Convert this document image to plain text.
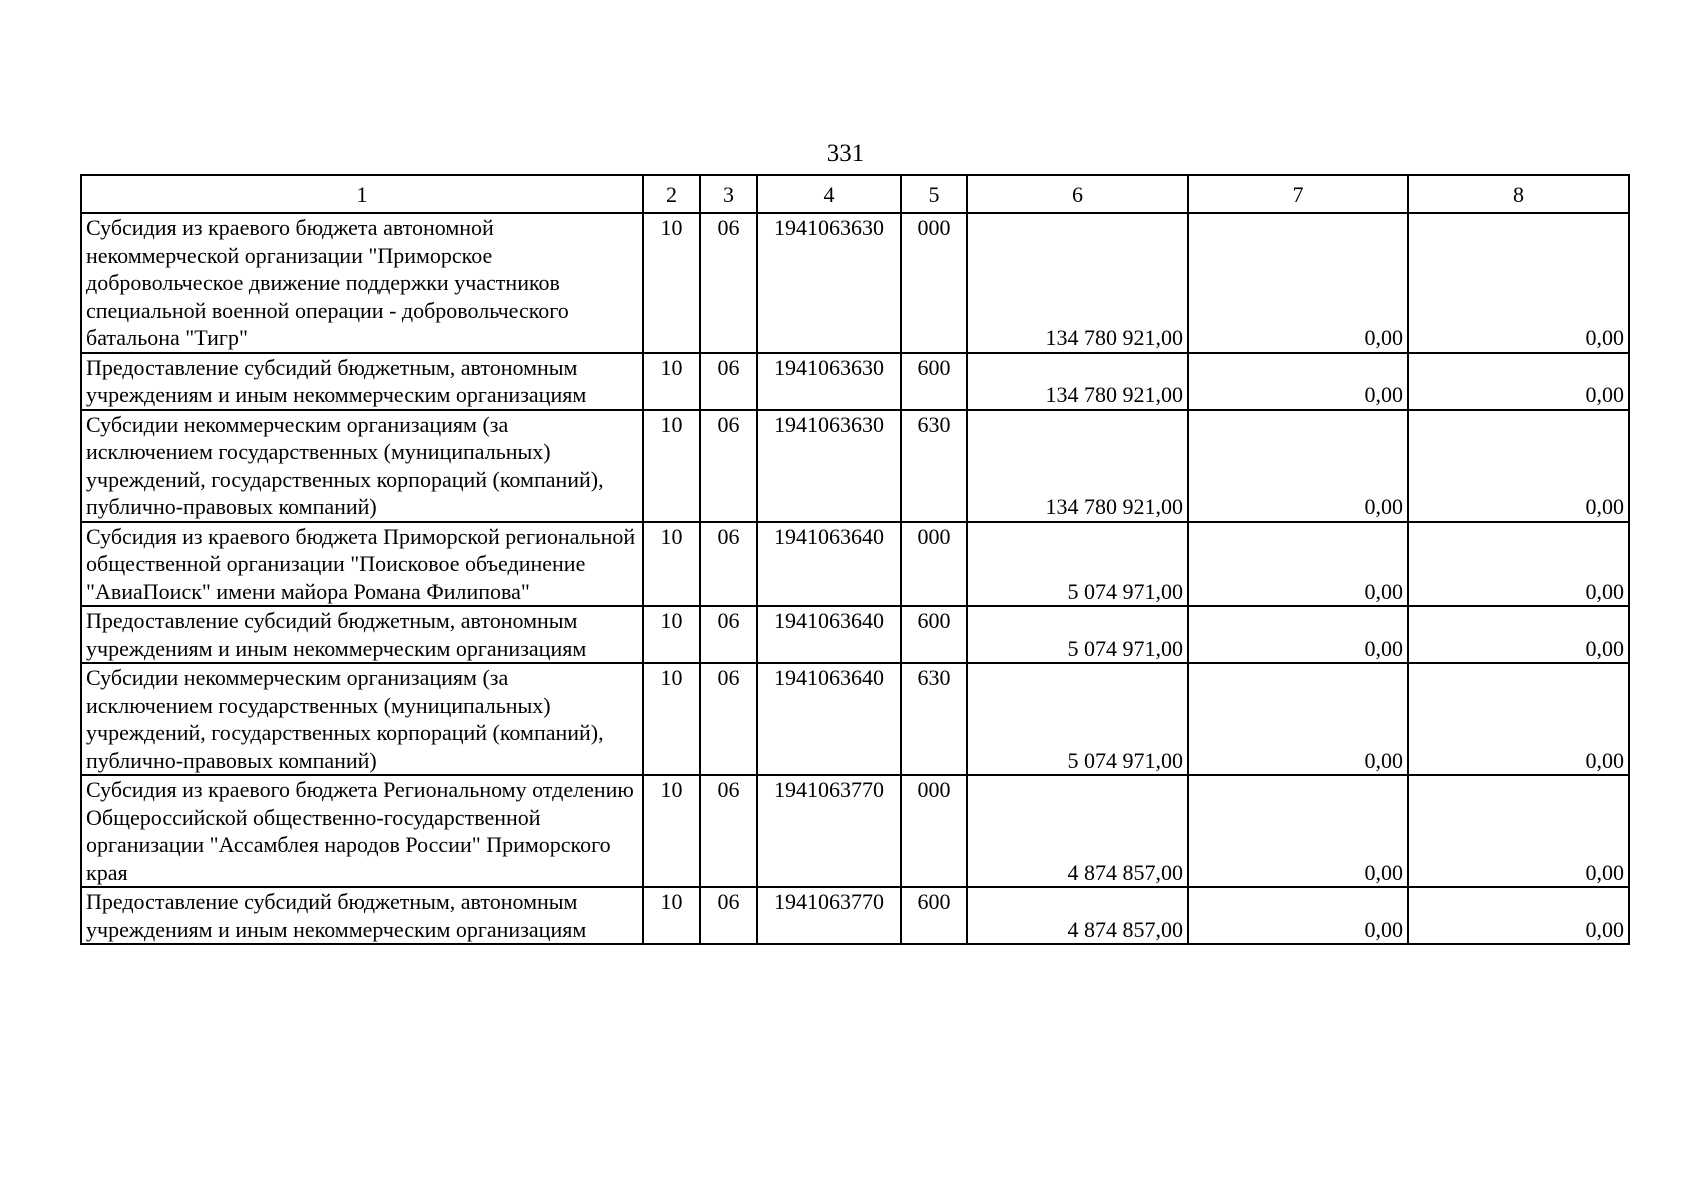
331
1	2	3	4	5	6	7	8
Субсидия из краевого бюджета автономной некоммерческой организации "Приморское добровольческое движение поддержки участников специальной военной операции - добровольческого батальона "Тигр"	10	06	1941063630	000	134 780 921,00	0,00	0,00
Предоставление субсидий бюджетным, автономным учреждениям и иным некоммерческим организациям	10	06	1941063630	600	134 780 921,00	0,00	0,00
Субсидии некоммерческим организациям (за исключением государственных (муниципальных) учреждений, государственных корпораций (компаний), публично-правовых компаний)	10	06	1941063630	630	134 780 921,00	0,00	0,00
Субсидия из краевого бюджета Приморской региональной общественной организации "Поисковое объединение "АвиаПоиск" имени майора Романа Филипова"	10	06	1941063640	000	5 074 971,00	0,00	0,00
Предоставление субсидий бюджетным, автономным учреждениям и иным некоммерческим организациям	10	06	1941063640	600	5 074 971,00	0,00	0,00
Субсидии некоммерческим организациям (за исключением государственных (муниципальных) учреждений, государственных корпораций (компаний), публично-правовых компаний)	10	06	1941063640	630	5 074 971,00	0,00	0,00
Субсидия из краевого бюджета Региональному отделению Общероссийской общественно-государственной организации "Ассамблея народов России" Приморского края	10	06	1941063770	000	4 874 857,00	0,00	0,00
Предоставление субсидий бюджетным, автономным учреждениям и иным некоммерческим организациям	10	06	1941063770	600	4 874 857,00	0,00	0,00
